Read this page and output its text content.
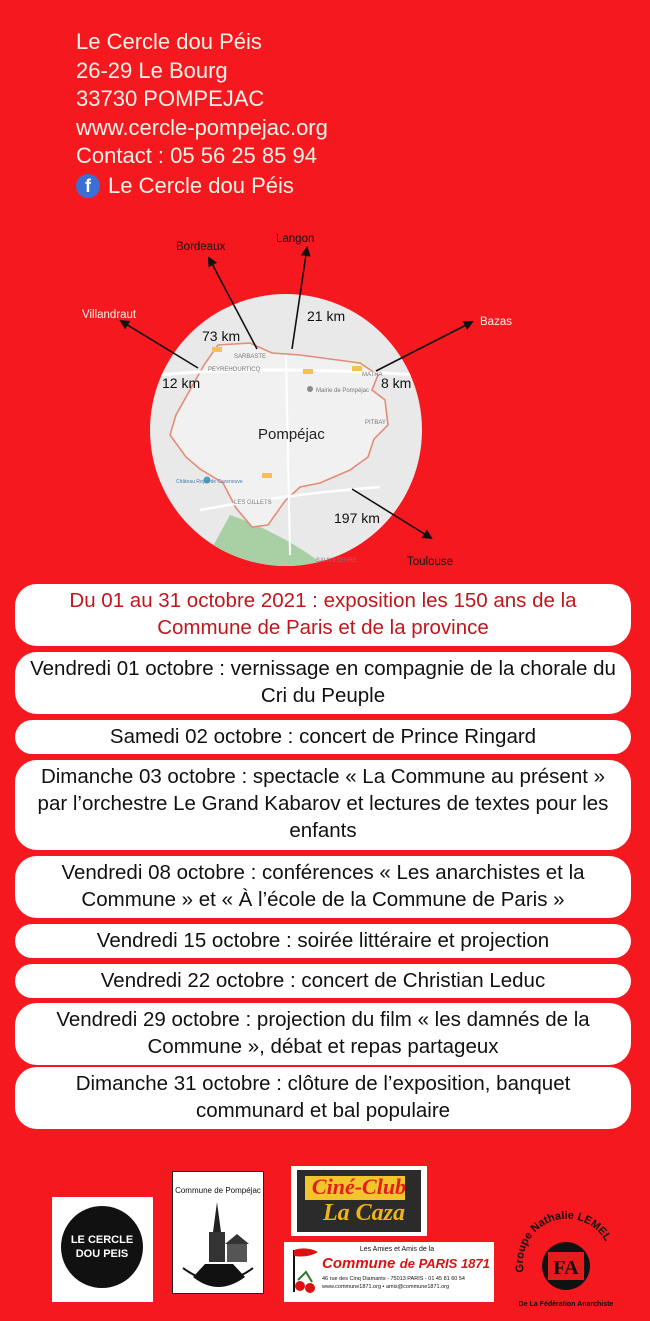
Le Cercle dou Péis
26-29 Le Bourg
33730 POMPEJAC
www.cercle-pompejac.org
Contact : 05 56 25 85 94
f Le Cercle dou Péis
SARBASTE
PEYREHOURTICQ
MATHA
Mairie de Pompéjac
PITBAY
LES GILLETS
Château Royal de Cazeneuve
SAUVETERRE
Pompéjac
Bordeaux
73 km
Langon
21 km	Bazas
8 km
Villandraut
12 km
Toulouse
197 km
Du 01 au 31 octobre 2021 : exposition les 150 ans de la Commune de Paris et de la province
Vendredi 01 octobre : vernissage en compagnie de la chorale du Cri du Peuple
Samedi 02 octobre : concert de Prince Ringard
Dimanche 03 octobre : spectacle « La Commune au présent » par l’orchestre Le Grand Kabarov et lectures de textes pour les enfants
Vendredi 08 octobre : conférences « Les anarchistes et la Commune » et « À l’école de la Commune de Paris »
Vendredi 15 octobre : soirée littéraire et projection
Vendredi 22 octobre : concert de Christian Leduc
Vendredi 29 octobre : projection du film « les damnés de la Commune », débat et repas partageux
Dimanche 31 octobre : clôture de l’exposition, banquet communard et bal populaire
LE CERCLE
DOU PEIS
Commune de Pompéjac	Ciné-Club
La Caza
Les Amies et Amis de la
Commune de PARIS 1871
46 rue des Cinq Diamants - 75013 PARIS - 01 45 81 60 54
www.commune1871.org • amis@commune1871.org
Groupe Nathalie LEMEL
FA
De La Fédération Anarchiste
